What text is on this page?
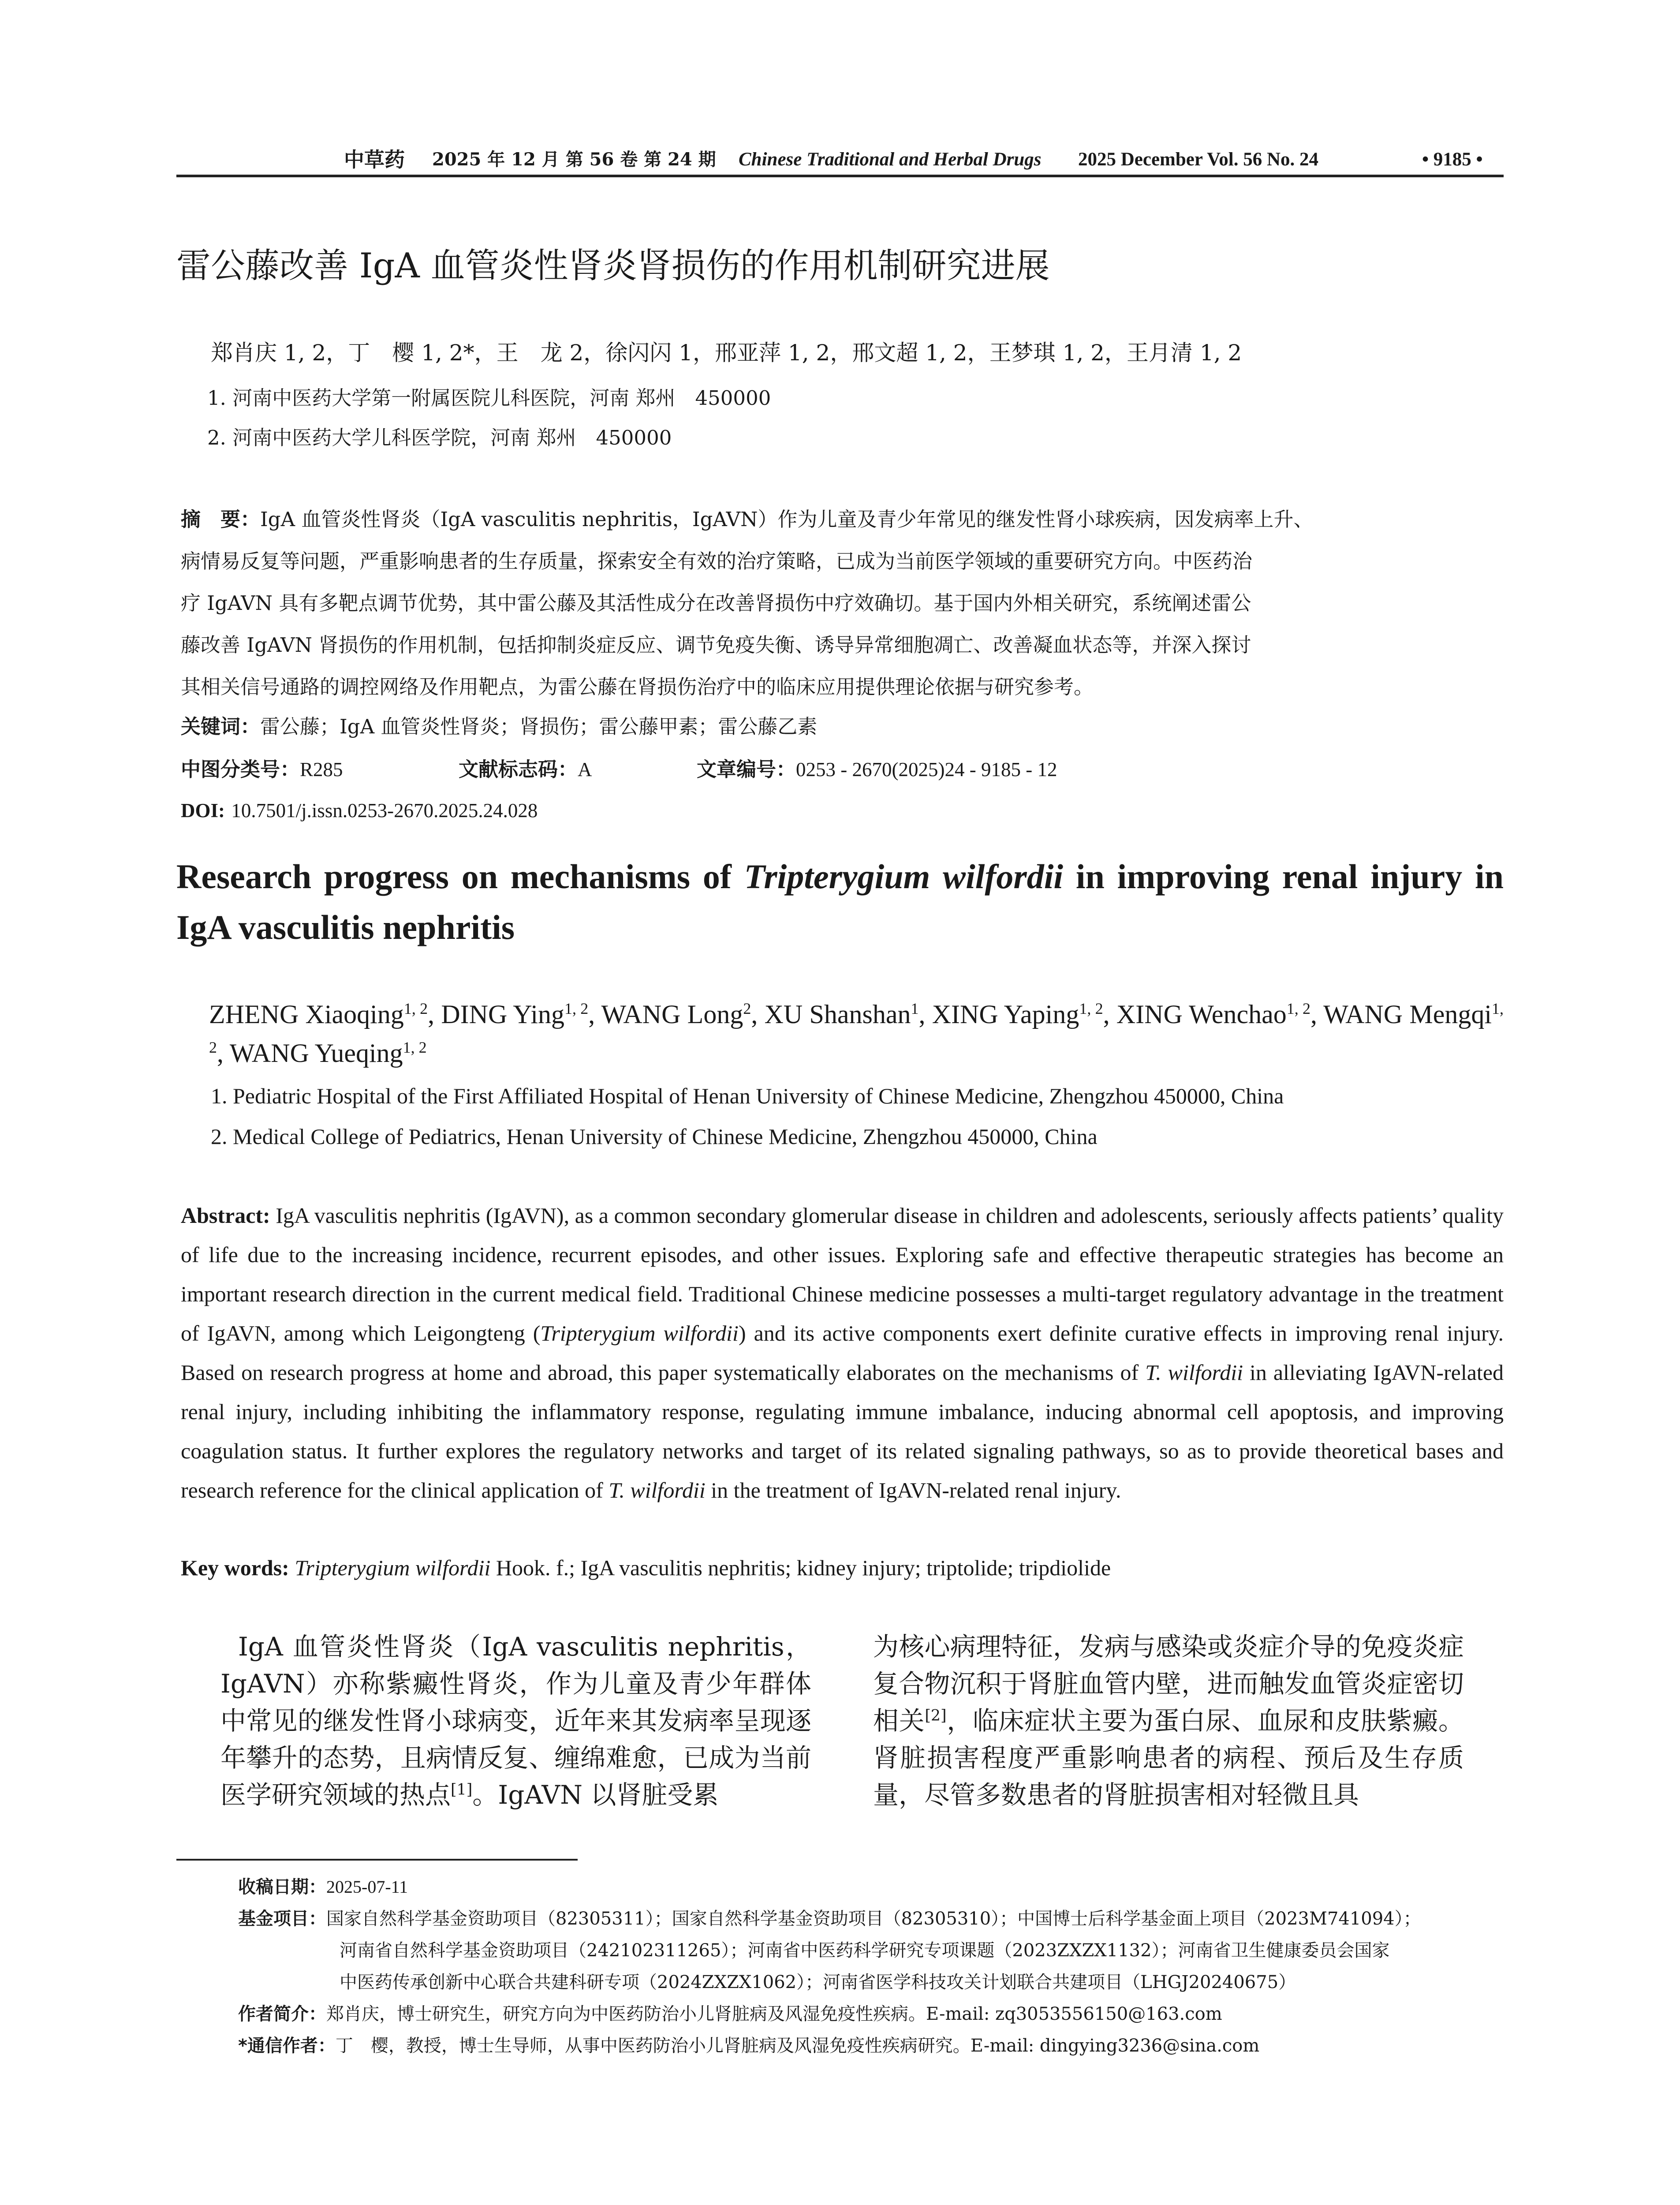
中草药 2025 年 12 月 第 56 卷 第 24 期 Chinese Traditional and Herbal Drugs 2025 December Vol. 56 No. 24	• 9185 •
雷公藤改善 IgA 血管炎性肾炎肾损伤的作用机制研究进展
郑肖庆 1, 2，丁　樱 1, 2*，王　龙 2，徐闪闪 1，邢亚萍 1, 2，邢文超 1, 2，王梦琪 1, 2，王月清 1, 2
1. 河南中医药大学第一附属医院儿科医院，河南 郑州　450000
2. 河南中医药大学儿科医学院，河南 郑州　450000

摘　要：IgA 血管炎性肾炎（IgA vasculitis nephritis，IgAVN）作为儿童及青少年常见的继发性肾小球疾病，因发病率上升、

病情易反复等问题，严重影响患者的生存质量，探索安全有效的治疗策略，已成为当前医学领域的重要研究方向。中医药治

疗 IgAVN 具有多靶点调节优势，其中雷公藤及其活性成分在改善肾损伤中疗效确切。基于国内外相关研究，系统阐述雷公

藤改善 IgAVN 肾损伤的作用机制，包括抑制炎症反应、调节免疫失衡、诱导异常细胞凋亡、改善凝血状态等，并深入探讨

其相关信号通路的调控网络及作用靶点，为雷公藤在肾损伤治疗中的临床应用提供理论依据与研究参考。

关键词：雷公藤；IgA 血管炎性肾炎；肾损伤；雷公藤甲素；雷公藤乙素
中图分类号：R285	文献标志码：A	文章编号：0253 - 2670(2025)24 - 9185 - 12
DOI: 10.7501/j.issn.0253-2670.2025.24.028
Research progress on mechanisms of Tripterygium wilfordii in improving renal injury in IgA vasculitis nephritis
ZHENG Xiaoqing$^{1, 2}$, DING Ying$^{1, 2}$, WANG Long$^2$, XU Shanshan$^1$, XING Yaping$^{1, 2}$, XING Wenchao$^{1, 2}$, WANG Mengqi$^{1, 2}$, WANG Yueqing$^{1, 2}$
1. Pediatric Hospital of the First Affiliated Hospital of Henan University of Chinese Medicine, Zhengzhou 450000, China
2. Medical College of Pediatrics, Henan University of Chinese Medicine, Zhengzhou 450000, China
Abstract: IgA vasculitis nephritis (IgAVN), as a common secondary glomerular disease in children and adolescents, seriously affects patients’ quality of life due to the increasing incidence, recurrent episodes, and other issues. Exploring safe and effective therapeutic strategies has become an important research direction in the current medical field. Traditional Chinese medicine possesses a multi-target regulatory advantage in the treatment of IgAVN, among which Leigongteng (Tripterygium wilfordii) and its active components exert definite curative effects in improving renal injury. Based on research progress at home and abroad, this paper systematically elaborates on the mechanisms of T. wilfordii in alleviating IgAVN-related renal injury, including inhibiting the inflammatory response, regulating immune imbalance, inducing abnormal cell apoptosis, and improving coagulation status. It further explores the regulatory networks and target of its related signaling pathways, so as to provide theoretical bases and research reference for the clinical application of T. wilfordii in the treatment of IgAVN-related renal injury.
Key words: Tripterygium wilfordii Hook. f.; IgA vasculitis nephritis; kidney injury; triptolide; tripdiolide
IgA 血管炎性肾炎（IgA vasculitis nephritis，IgAVN）亦称紫癜性肾炎，作为儿童及青少年群体中常见的继发性肾小球病变，近年来其发病率呈现逐年攀升的态势，且病情反复、缠绵难愈，已成为当前医学研究领域的热点[1]。IgAVN 以肾脏受累
为核心病理特征，发病与感染或炎症介导的免疫炎症复合物沉积于肾脏血管内壁，进而触发血管炎症密切相关[2]，临床症状主要为蛋白尿、血尿和皮肤紫癜。肾脏损害程度严重影响患者的病程、预后及生存质量，尽管多数患者的肾脏损害相对轻微且具
收稿日期：2025-07-11
基金项目：国家自然科学基金资助项目（82305311）；国家自然科学基金资助项目（82305310）；中国博士后科学基金面上项目（2023M741094）；
河南省自然科学基金资助项目（242102311265）；河南省中医药科学研究专项课题（2023ZXZX1132）；河南省卫生健康委员会国家
中医药传承创新中心联合共建科研专项（2024ZXZX1062）；河南省医学科技攻关计划联合共建项目（LHGJ20240675）
作者简介：郑肖庆，博士研究生，研究方向为中医药防治小儿肾脏病及风湿免疫性疾病。E-mail: zq3053556150@163.com
*通信作者：丁　樱，教授，博士生导师，从事中医药防治小儿肾脏病及风湿免疫性疾病研究。E-mail: dingying3236@sina.com
